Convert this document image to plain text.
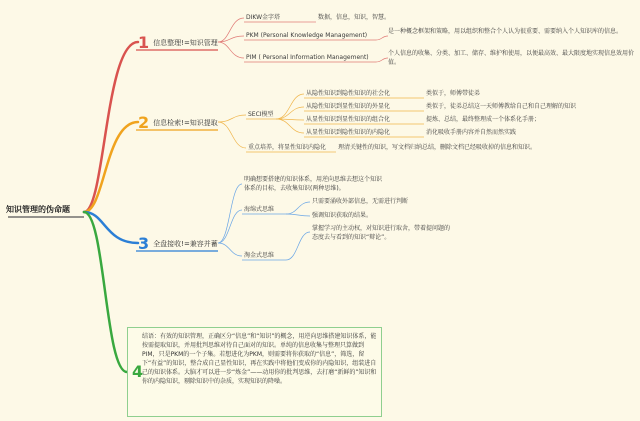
知识管理的伪命题
1 信息整理!=知识管理
DIKW金字塔	数据，信息，知识，智慧。
PKM (Personal Knowledge Management)
是一种概念框架和策略，用以组织和整合个人认为很重要、需要纳入个人知识库的信息。
PIM ( Personal Information Management)
个人信息的收集、分类、加工、储存、维护和使用，以便最高效、最大限度地实现信息效用价值。
2 信息检索!=知识提取
SECI模型
从隐性知识到隐性知识的社会化	类似于，师傅带徒弟
从隐性知识到显性知识的外显化	类似于，徒弟总结这一天师傅教给自己和自己理解的知识
从显性知识到显性知识的组合化	提炼、总结，最终整理成一个体系化手册；
从显性知识到隐性知识的内隐化	消化吸收手册内容并自然而然实践
重点培养，将显性知识内隐化 理清关键性的知识，写文档归纳总结，删除文档已经吸收掉的信息和知识。
3 全盘接收!=兼容并蓄
明确想要搭建的知识体系，用逆向思维去想这个知识体系的目标，去收集知识(两种思维)。
海绵式思维
只需要涌收外部信息，无需进行判断
强调知识获取的结果。
淘金式思维
掌握学习的主动权，对知识进行取舍，带着提问题的态度去与看到的知识“辩论”。
4
结语：有效的知识管理，正确区分“信息”和“知识”的概念，用逆向思维搭建知识体系，能按需提取知识，并用批判思维对待自己面对的知识。单纯的信息收集与整理只算做到PIM，只是PKM的一个子集。若想进化为PKM，则需要将你获取的“信息”，筛选，留下“有益”的知识，整合成自己显性知识，再在实践中将他们变成你的内隐知识，组装进自己的知识体系。大脑才可以进一步“炼金”——动用你的批判思维，去打磨“新鲜的”知识和你的内隐知识，剔除知识中的杂质，实现知识的降噪。
